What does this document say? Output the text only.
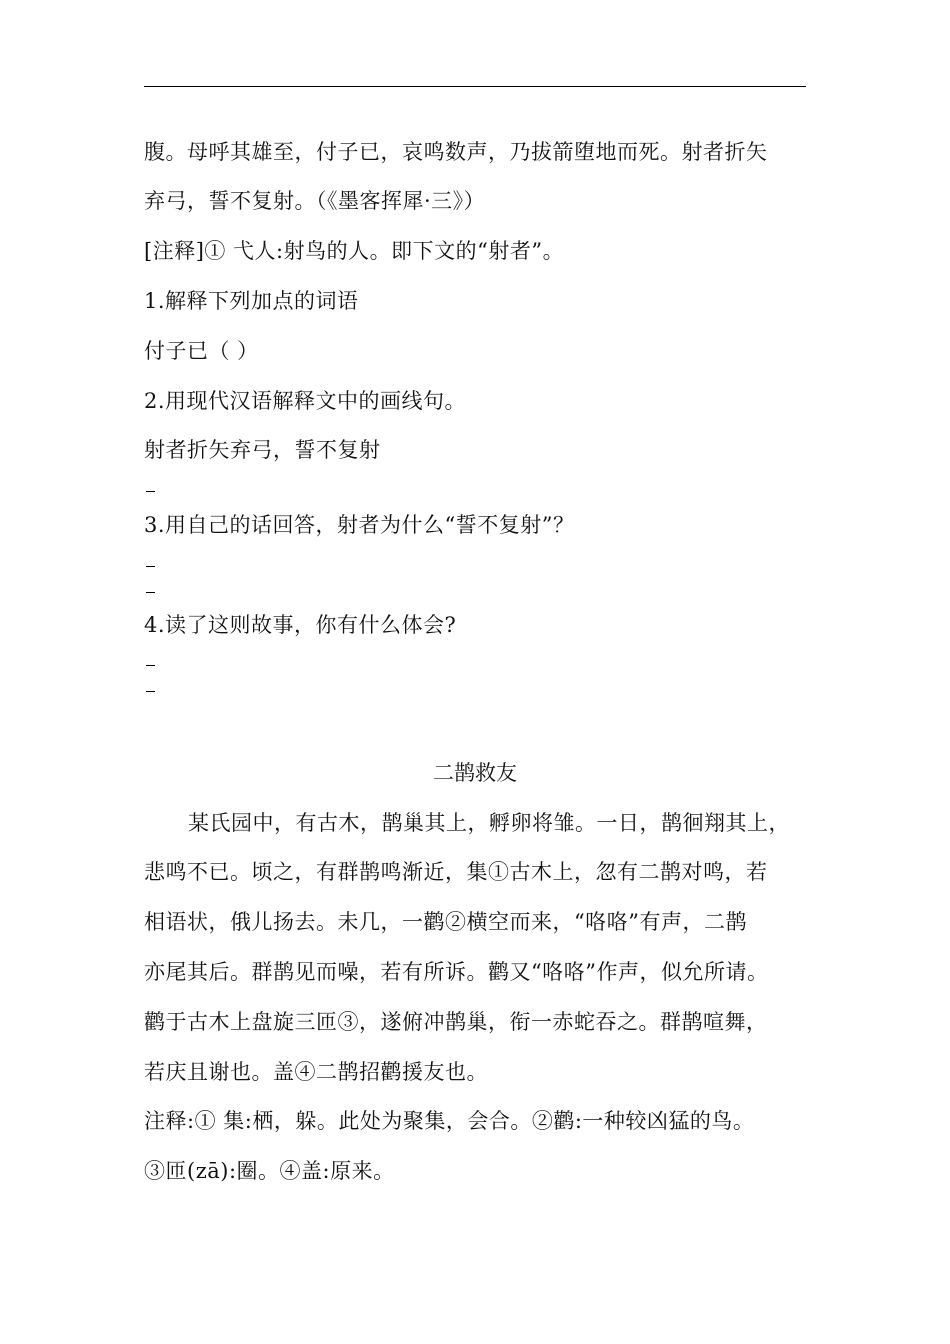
腹。母呼其雄至，付子已，哀鸣数声，乃拔箭堕地而死。射者折矢
弃弓，誓不复射。（《墨客挥犀·三》）
[注释]① 弋人:射鸟的人。即下文的“射者”。
1.解释下列加点的词语
付子已（ ）
2.用现代汉语解释文中的画线句。
射者折矢弃弓，誓不复射
3.用自己的话回答，射者为什么“誓不复射”？
4.读了这则故事，你有什么体会?
二鹊救友
某氏园中，有古木，鹊巢其上，孵卵将雏。一日，鹊徊翔其上，
悲鸣不已。顷之，有群鹊鸣渐近，集①古木上，忽有二鹊对鸣，若
相语状，俄儿扬去。未几，一鹳②横空而来，“咯咯”有声，二鹊
亦尾其后。群鹊见而噪，若有所诉。鹳又“咯咯”作声，似允所请。
鹳于古木上盘旋三匝③，遂俯冲鹊巢，衔一赤蛇吞之。群鹊喧舞，
若庆且谢也。盖④二鹊招鹳援友也。
注释:① 集:栖，躲。此处为聚集，会合。②鹳:一种较凶猛的鸟。
③匝(zā):圈。④盖:原来。
